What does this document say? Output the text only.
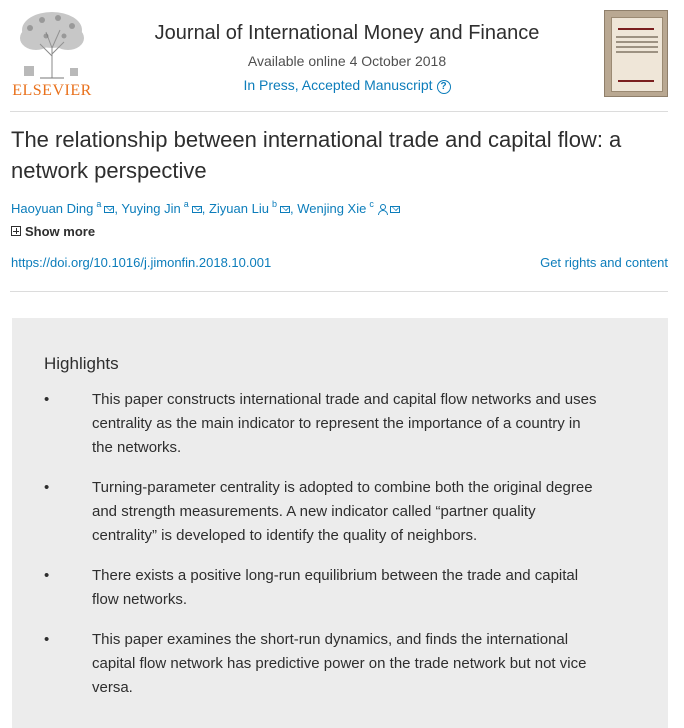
ELSEVIER
Journal of International Money and Finance
Available online 4 October 2018
In Press, Accepted Manuscript ?
The relationship between international trade and capital flow: a
network perspective
Haoyuan Ding $^a$ , Yuying Jin $^a$ , Ziyuan Liu $^b$ , Wenjing Xie $^c$
Show more
https://doi.org/10.1016/j.jimonfin.2018.10.001	Get rights and content
Highlights
•	This paper constructs international trade and capital flow networks and uses
centrality as the main indicator to represent the importance of a country in
the networks.
•	Turning-parameter centrality is adopted to combine both the original degree
and strength measurements. A new indicator called “partner quality
centrality” is developed to identify the quality of neighbors.
•	There exists a positive long-run equilibrium between the trade and capital
flow networks.
•	This paper examines the short-run dynamics, and finds the international
capital flow network has predictive power on the trade network but not vice
versa.
